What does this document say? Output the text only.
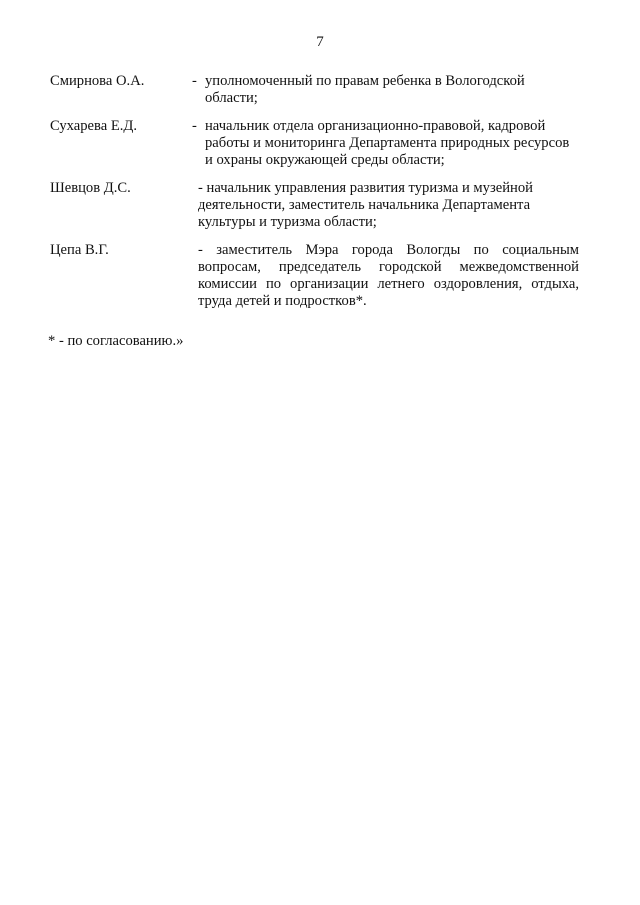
7
Смирнова О.А.	- уполномоченный по правам ребенка в Вологодской области;
Сухарева Е.Д.	- начальник отдела организационно-правовой, кадровой работы и мониторинга Департамента природных ресурсов и охраны окружающей среды области;
Шевцов Д.С.	- начальник управления развития туризма и музейной деятельности, заместитель начальника Департамента культуры и туризма области;
Цепа В.Г.	- заместитель Мэра города Вологды по социальным вопросам, председатель городской межведомственной комиссии по организации летнего оздоровления, отдыха, труда детей и подростков*.
* - по согласованию.»
